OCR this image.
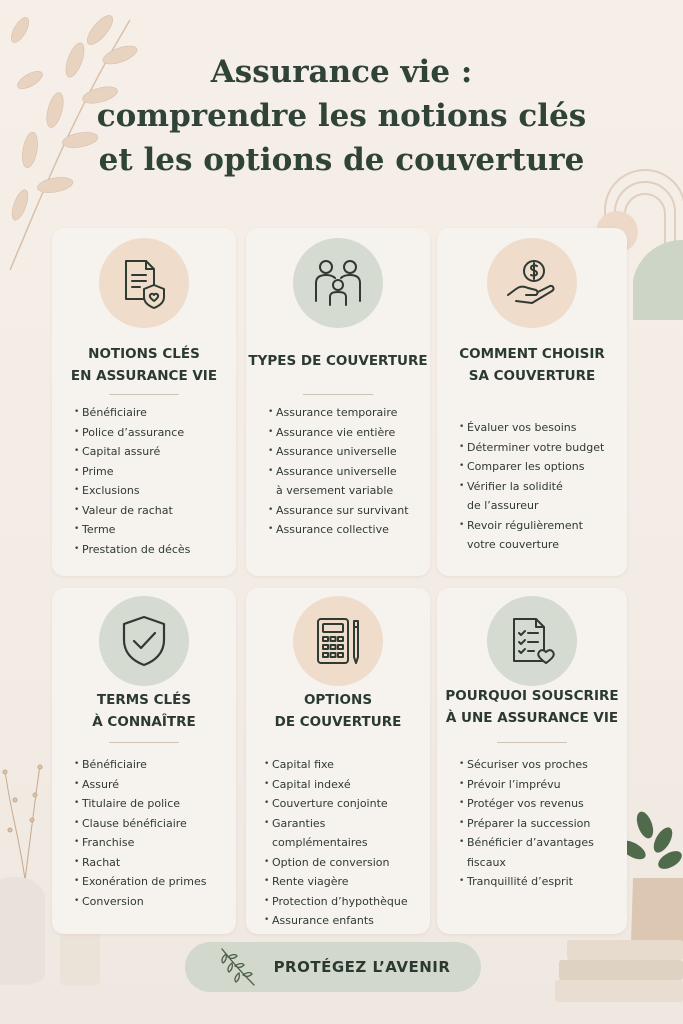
Assurance vie :
comprendre les notions clés
et les options de couverture
NOTIONS CLÉS
EN ASSURANCE VIE
• Bénéficiaire
• Police d’assurance
• Capital assuré
• Prime
• Exclusions
• Valeur de rachat
• Terme
• Prestation de décès
TYPES DE COUVERTURE
• Assurance temporaire
• Assurance vie entière
• Assurance universelle
• Assurance universelle
à versement variable
• Assurance sur survivant
• Assurance collective
COMMENT CHOISIR
SA COUVERTURE
• Évaluer vos besoins
• Déterminer votre budget
• Comparer les options
• Vérifier la solidité
de l’assureur
• Revoir régulièrement
votre couverture
TERMS CLÉS
À CONNAÎTRE
• Bénéficiaire
• Assuré
• Titulaire de police
• Clause bénéficiaire
• Franchise
• Rachat
• Exonération de primes
• Conversion
OPTIONS
DE COUVERTURE
• Capital fixe
• Capital indexé
• Couverture conjointe
• Garanties complémentaires
• Option de conversion
• Rente viagère
• Protection d’hypothèque
• Assurance enfants
POURQUOI SOUSCRIRE
À UNE ASSURANCE VIE
• Sécuriser vos proches
• Prévoir l’imprévu
• Protéger vos revenus
• Préparer la succession
• Bénéficier d’avantages
fiscaux
• Tranquillité d’esprit
PROTÉGEZ L’AVENIR
